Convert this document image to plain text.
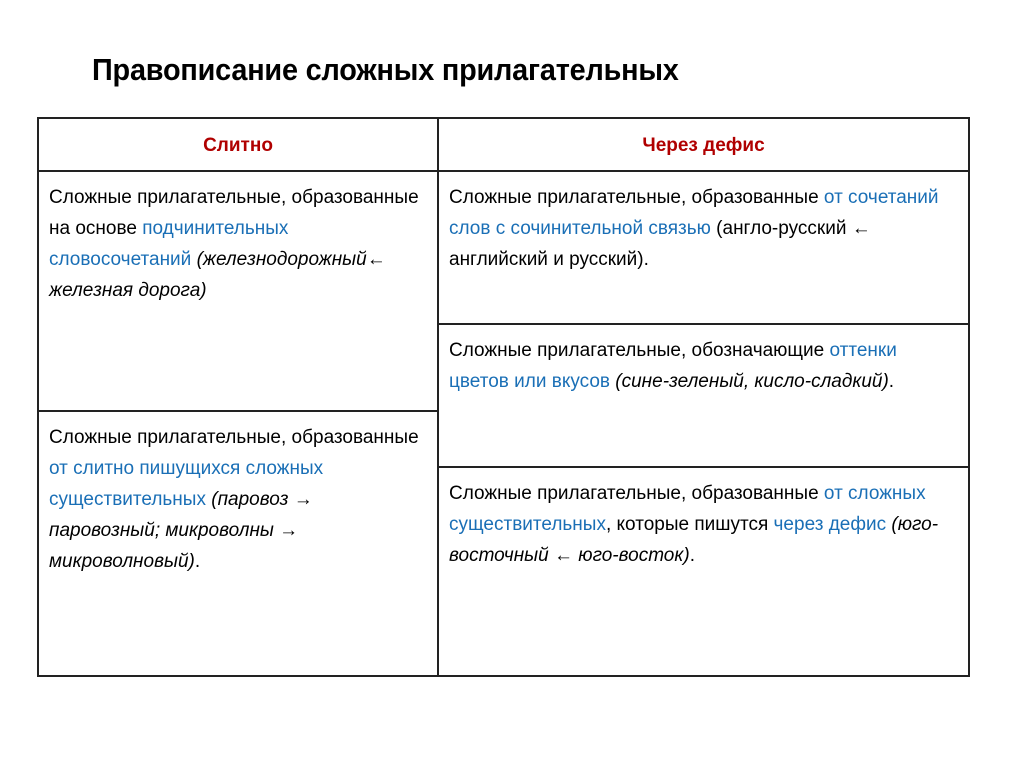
Правописание сложных прилагательных
Слитно	Через дефис
Сложные прилагательные, образованные на основе подчинительных словосочетаний (железнодорожный← железная дорога)
Сложные прилагательные, образованные от слитно пишущихся сложных существительных (паровоз → паровозный; микроволны → микроволновый).
Сложные прилагательные, образованные от сочетаний слов с сочинительной связью (англо-русский ← английский и русский).
Сложные прилагательные, обозначающие оттенки цветов или вкусов (сине-зеленый, кисло-сладкий).
Сложные прилагательные, образованные от сложных существительных, которые пишутся через дефис (юго-восточный ← юго-восток).
